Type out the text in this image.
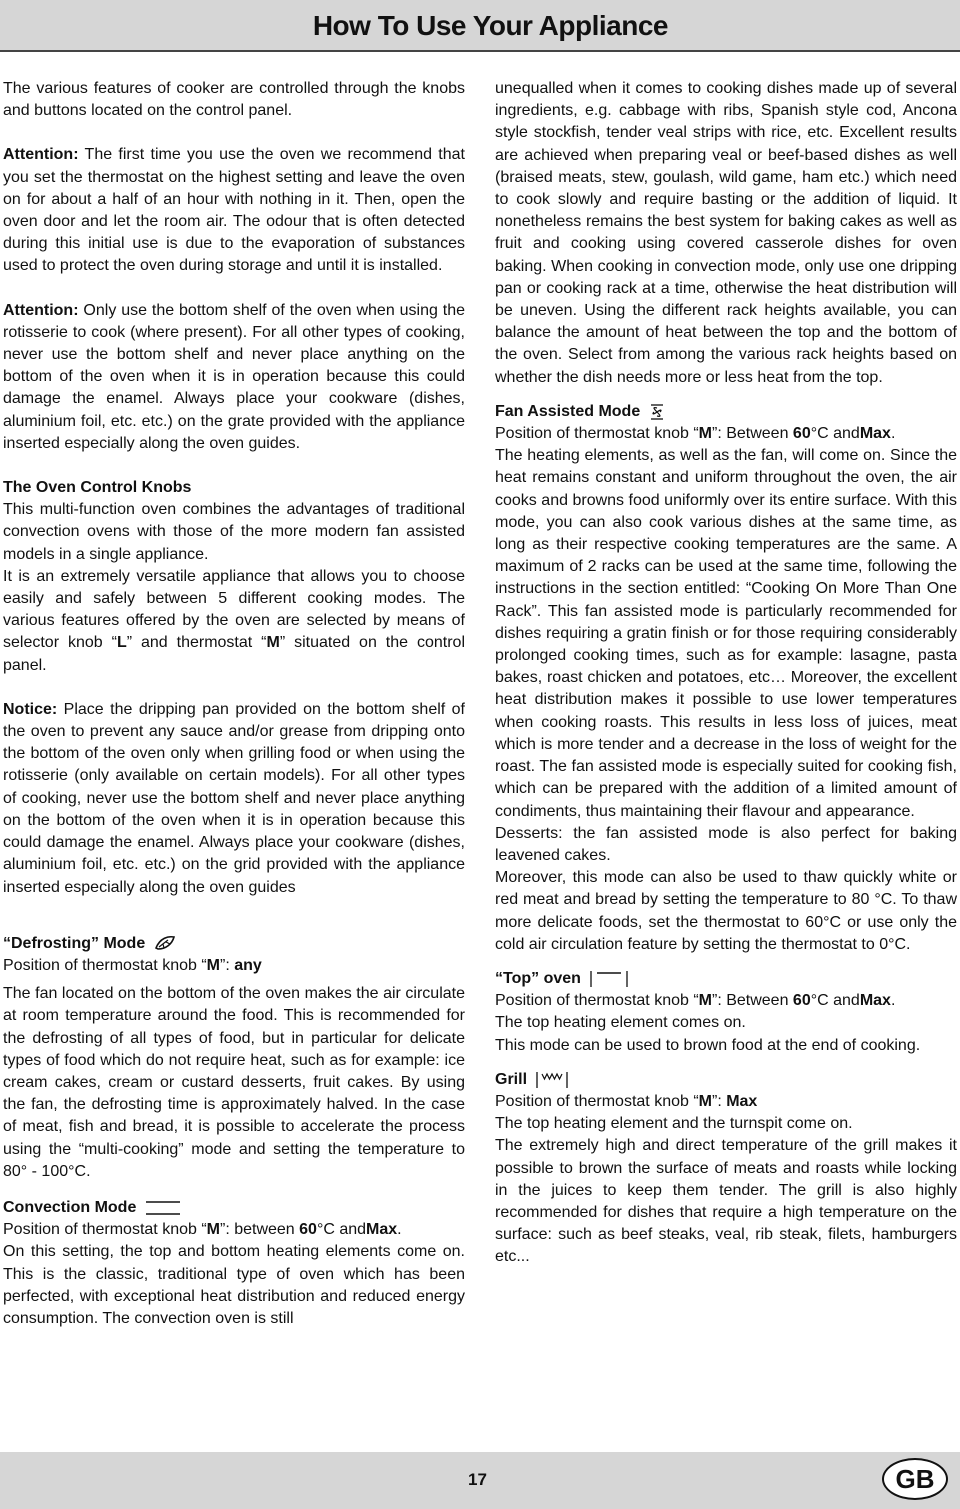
How To Use Your Appliance

The various features of cooker are controlled through the knobs and buttons located on the control panel.

Attention: The first time you use the oven we recommend that you set the thermostat on the highest setting and leave the oven on for about a half of an hour with nothing in it. Then, open the oven door and let the room air. The odour that is often detected during this initial use is due to the evaporation of substances used to protect the oven during storage and until it is installed.

Attention: Only use the bottom shelf of the oven when using the rotisserie to cook (where present). For all other types of cooking, never use the bottom shelf and never place anything on the bottom of the oven when it is in operation because this could damage the enamel. Always place your cookware (dishes, aluminium foil, etc. etc.) on the grate provided with the appliance inserted especially along the oven guides.

The Oven Control Knobs

This multi-function oven combines the advantages of traditional convection ovens with those of the more modern fan assisted models in a single appliance.

It is an extremely versatile appliance that allows you to choose easily and safely between 5 different cooking modes. The various features offered by the oven are selected by means of selector knob “L” and thermostat “M” situated on the control panel.

Notice: Place the dripping pan provided on the bottom shelf of the oven to prevent any sauce and/or grease from dripping onto the bottom of the oven only when grilling food or when using the rotisserie (only available on certain models). For all other types of cooking, never use the bottom shelf and never place anything on the bottom of the oven when it is in operation because this could damage the enamel. Always place your cookware (dishes, aluminium foil, etc. etc.) on the grid provided with the appliance inserted especially along the oven guides

“Defrosting” Mode

Position of thermostat knob “M”: any

The fan located on the bottom of the oven makes the air circulate at room temperature around the food. This is recommended for the defrosting of all types of food, but in particular for delicate types of food which do not require heat, such as for example: ice cream cakes, cream or custard desserts, fruit cakes. By using the fan, the defrosting time is approximately halved. In the case of meat, fish and bread, it is possible to accelerate the process using the “multi-cooking” mode and setting the temperature to 80° - 100°C.

Convection Mode

Position of thermostat knob “M”: between 60°C andMax.

On this setting, the top and bottom heating elements come on. This is the classic, traditional type of oven which has been perfected, with exceptional heat distribution and reduced energy consumption. The convection oven is still

unequalled when it comes to cooking dishes made up of several ingredients, e.g. cabbage with ribs, Spanish style cod, Ancona style stockfish, tender veal strips with rice, etc. Excellent results are achieved when preparing veal or beef-based dishes as well (braised meats, stew, goulash, wild game, ham etc.) which need to cook slowly and require basting or the addition of liquid. It nonetheless remains the best system for baking cakes as well as fruit and cooking using covered casserole dishes for oven baking. When cooking in convection mode, only use one dripping pan or cooking rack at a time, otherwise the heat distribution will be uneven. Using the different rack heights available, you can balance the amount of heat between the top and the bottom of the oven. Select from among the various rack heights based on whether the dish needs more or less heat from the top.

Fan Assisted Mode

Position of thermostat knob “M”: Between 60°C andMax.

The heating elements, as well as the fan, will come on. Since the heat remains constant and uniform throughout the oven, the air cooks and browns food uniformly over its entire surface. With this mode, you can also cook various dishes at the same time, as long as their respective cooking temperatures are the same. A maximum of 2 racks can be used at the same time, following the instructions in the section entitled: “Cooking On More Than One Rack”. This fan assisted mode is particularly recommended for dishes requiring a gratin finish or for those requiring considerably prolonged cooking times, such as for example: lasagne, pasta bakes, roast chicken and potatoes, etc… Moreover, the excellent heat distribution makes it possible to use lower temperatures when cooking roasts. This results in less loss of juices, meat which is more tender and a decrease in the loss of weight for the roast. The fan assisted mode is especially suited for cooking fish, which can be prepared with the addition of a limited amount of condiments, thus maintaining their flavour and appearance.

Desserts: the fan assisted mode is also perfect for baking leavened cakes.

Moreover, this mode can also be used to thaw quickly white or red meat and bread by setting the temperature to 80 °C. To thaw more delicate foods, set the thermostat to 60°C or use only the cold air circulation feature by setting the thermostat to 0°C.

“Top” oven

Position of thermostat knob “M”: Between 60°C andMax.

The top heating element comes on.

This mode can be used to brown food at the end of cooking.

Grill

Position of thermostat knob “M”: Max

The top heating element and the turnspit come on.

The extremely high and direct temperature of the grill makes it possible to brown the surface of meats and roasts while locking in the juices to keep them tender. The grill is also highly recommended for dishes that require a high temperature on the surface: such as beef steaks, veal, rib steak, filets, hamburgers etc...

17	GB
